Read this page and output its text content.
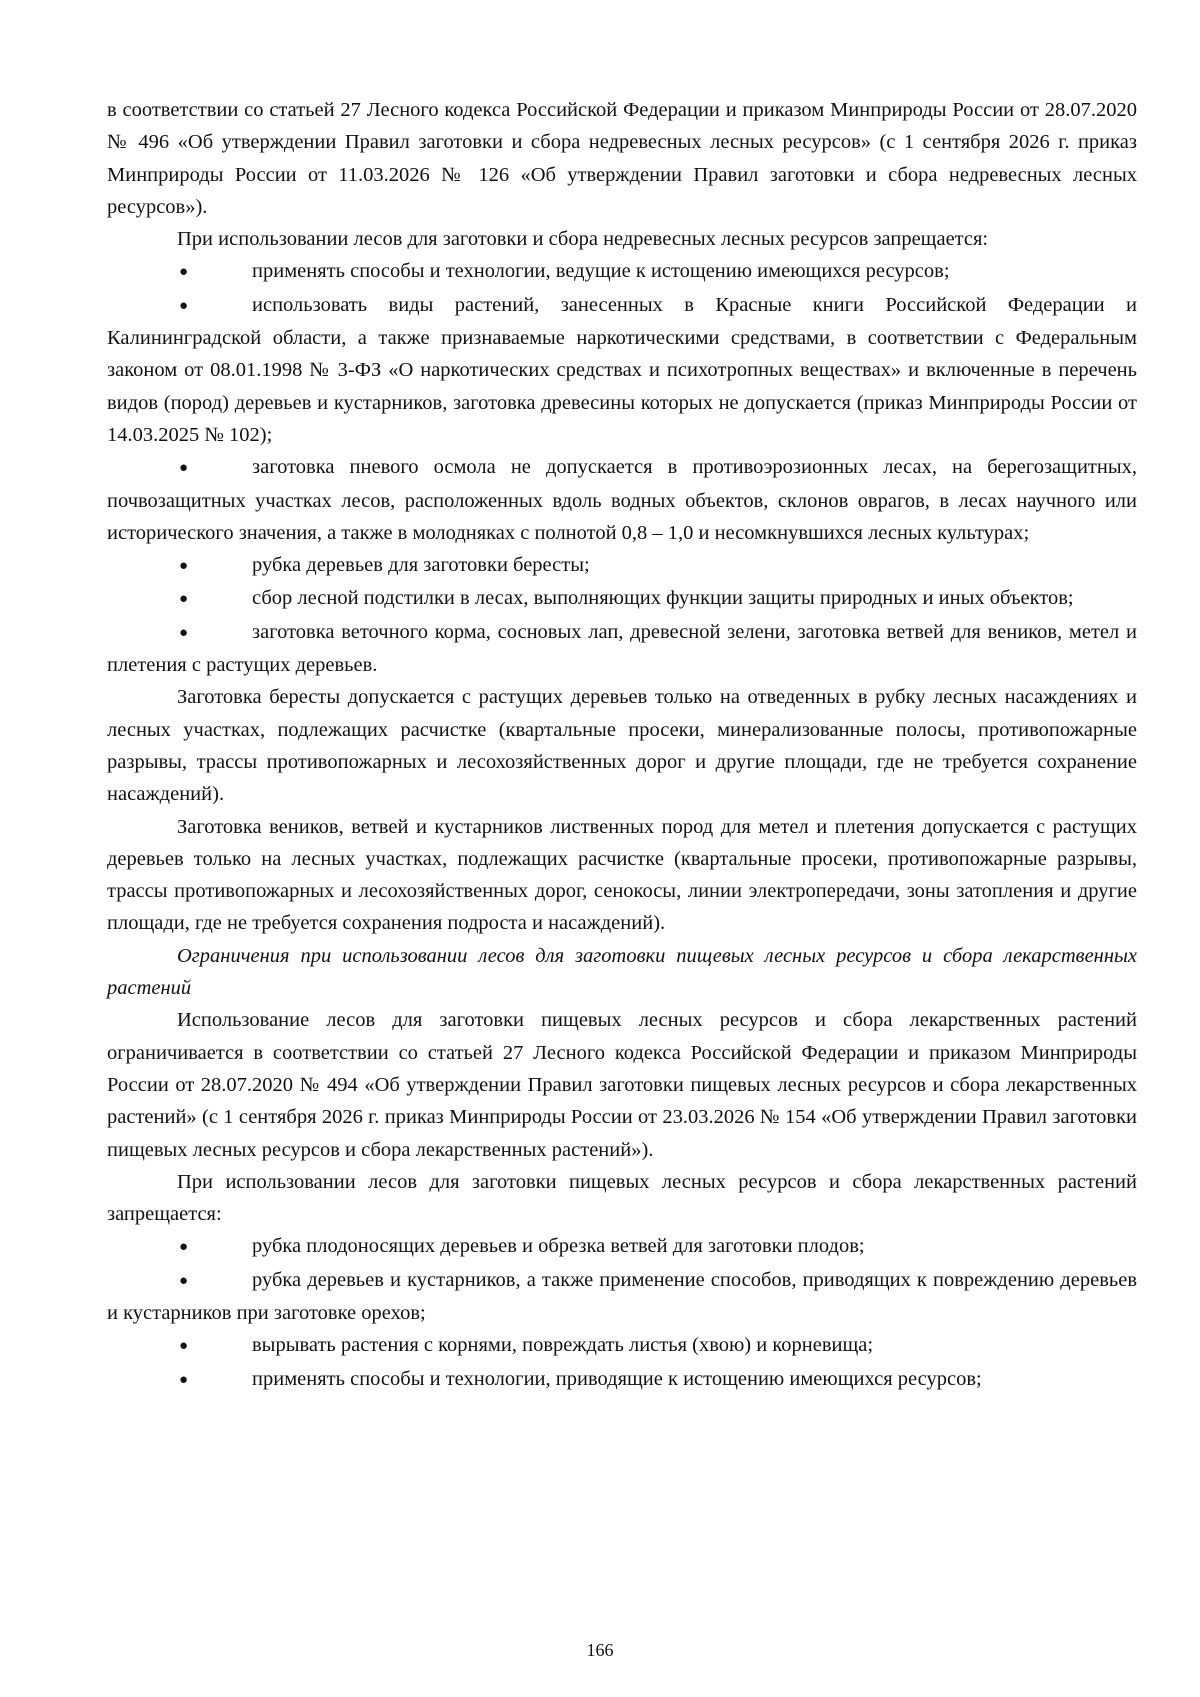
в соответствии со статьей 27 Лесного кодекса Российской Федерации и приказом Минприроды России от 28.07.2020 № 496 «Об утверждении Правил заготовки и сбора недревесных лесных ресурсов» (с 1 сентября 2026 г. приказ Минприроды России от 11.03.2026 № 126 «Об утверждении Правил заготовки и сбора недревесных лесных ресурсов»).

При использовании лесов для заготовки и сбора недревесных лесных ресурсов запрещается:

●	применять способы и технологии, ведущие к истощению имеющихся ресурсов;

●	использовать виды растений, занесенных в Красные книги Российской Федерации и Калининградской области, а также признаваемые наркотическими средствами, в соответствии с Федеральным законом от 08.01.1998 № 3-ФЗ «О наркотических средствах и психотропных веществах» и включенные в перечень видов (пород) деревьев и кустарников, заготовка древесины которых не допускается (приказ Минприроды России от 14.03.2025 № 102);

●	заготовка пневого осмола не допускается в противоэрозионных лесах, на берегозащитных, почвозащитных участках лесов, расположенных вдоль водных объектов, склонов оврагов, в лесах научного или исторического значения, а также в молодняках с полнотой 0,8 – 1,0 и несомкнувшихся лесных культурах;

●	рубка деревьев для заготовки бересты;

●	сбор лесной подстилки в лесах, выполняющих функции защиты природных и иных объектов;

●	заготовка веточного корма, сосновых лап, древесной зелени, заготовка ветвей для веников, метел и плетения с растущих деревьев.

Заготовка бересты допускается с растущих деревьев только на отведенных в рубку лесных насаждениях и лесных участках, подлежащих расчистке (квартальные просеки, минерализованные полосы, противопожарные разрывы, трассы противопожарных и лесохозяйственных дорог и другие площади, где не требуется сохранение насаждений).

Заготовка веников, ветвей и кустарников лиственных пород для метел и плетения допускается с растущих деревьев только на лесных участках, подлежащих расчистке (квартальные просеки, противопожарные разрывы, трассы противопожарных и лесохозяйственных дорог, сенокосы, линии электропередачи, зоны затопления и другие площади, где не требуется сохранения подроста и насаждений).

Ограничения при использовании лесов для заготовки пищевых лесных ресурсов и сбора лекарственных растений

Использование лесов для заготовки пищевых лесных ресурсов и сбора лекарственных растений ограничивается в соответствии со статьей 27 Лесного кодекса Российской Федерации и приказом Минприроды России от 28.07.2020 № 494 «Об утверждении Правил заготовки пищевых лесных ресурсов и сбора лекарственных растений» (с 1 сентября 2026 г. приказ Минприроды России от 23.03.2026 № 154 «Об утверждении Правил заготовки пищевых лесных ресурсов и сбора лекарственных растений»).

При использовании лесов для заготовки пищевых лесных ресурсов и сбора лекарственных растений запрещается:

●	рубка плодоносящих деревьев и обрезка ветвей для заготовки плодов;

●	рубка деревьев и кустарников, а также применение способов, приводящих к повреждению деревьев и кустарников при заготовке орехов;

●	вырывать растения с корнями, повреждать листья (хвою) и корневища;

●	применять способы и технологии, приводящие к истощению имеющихся ресурсов;

166
